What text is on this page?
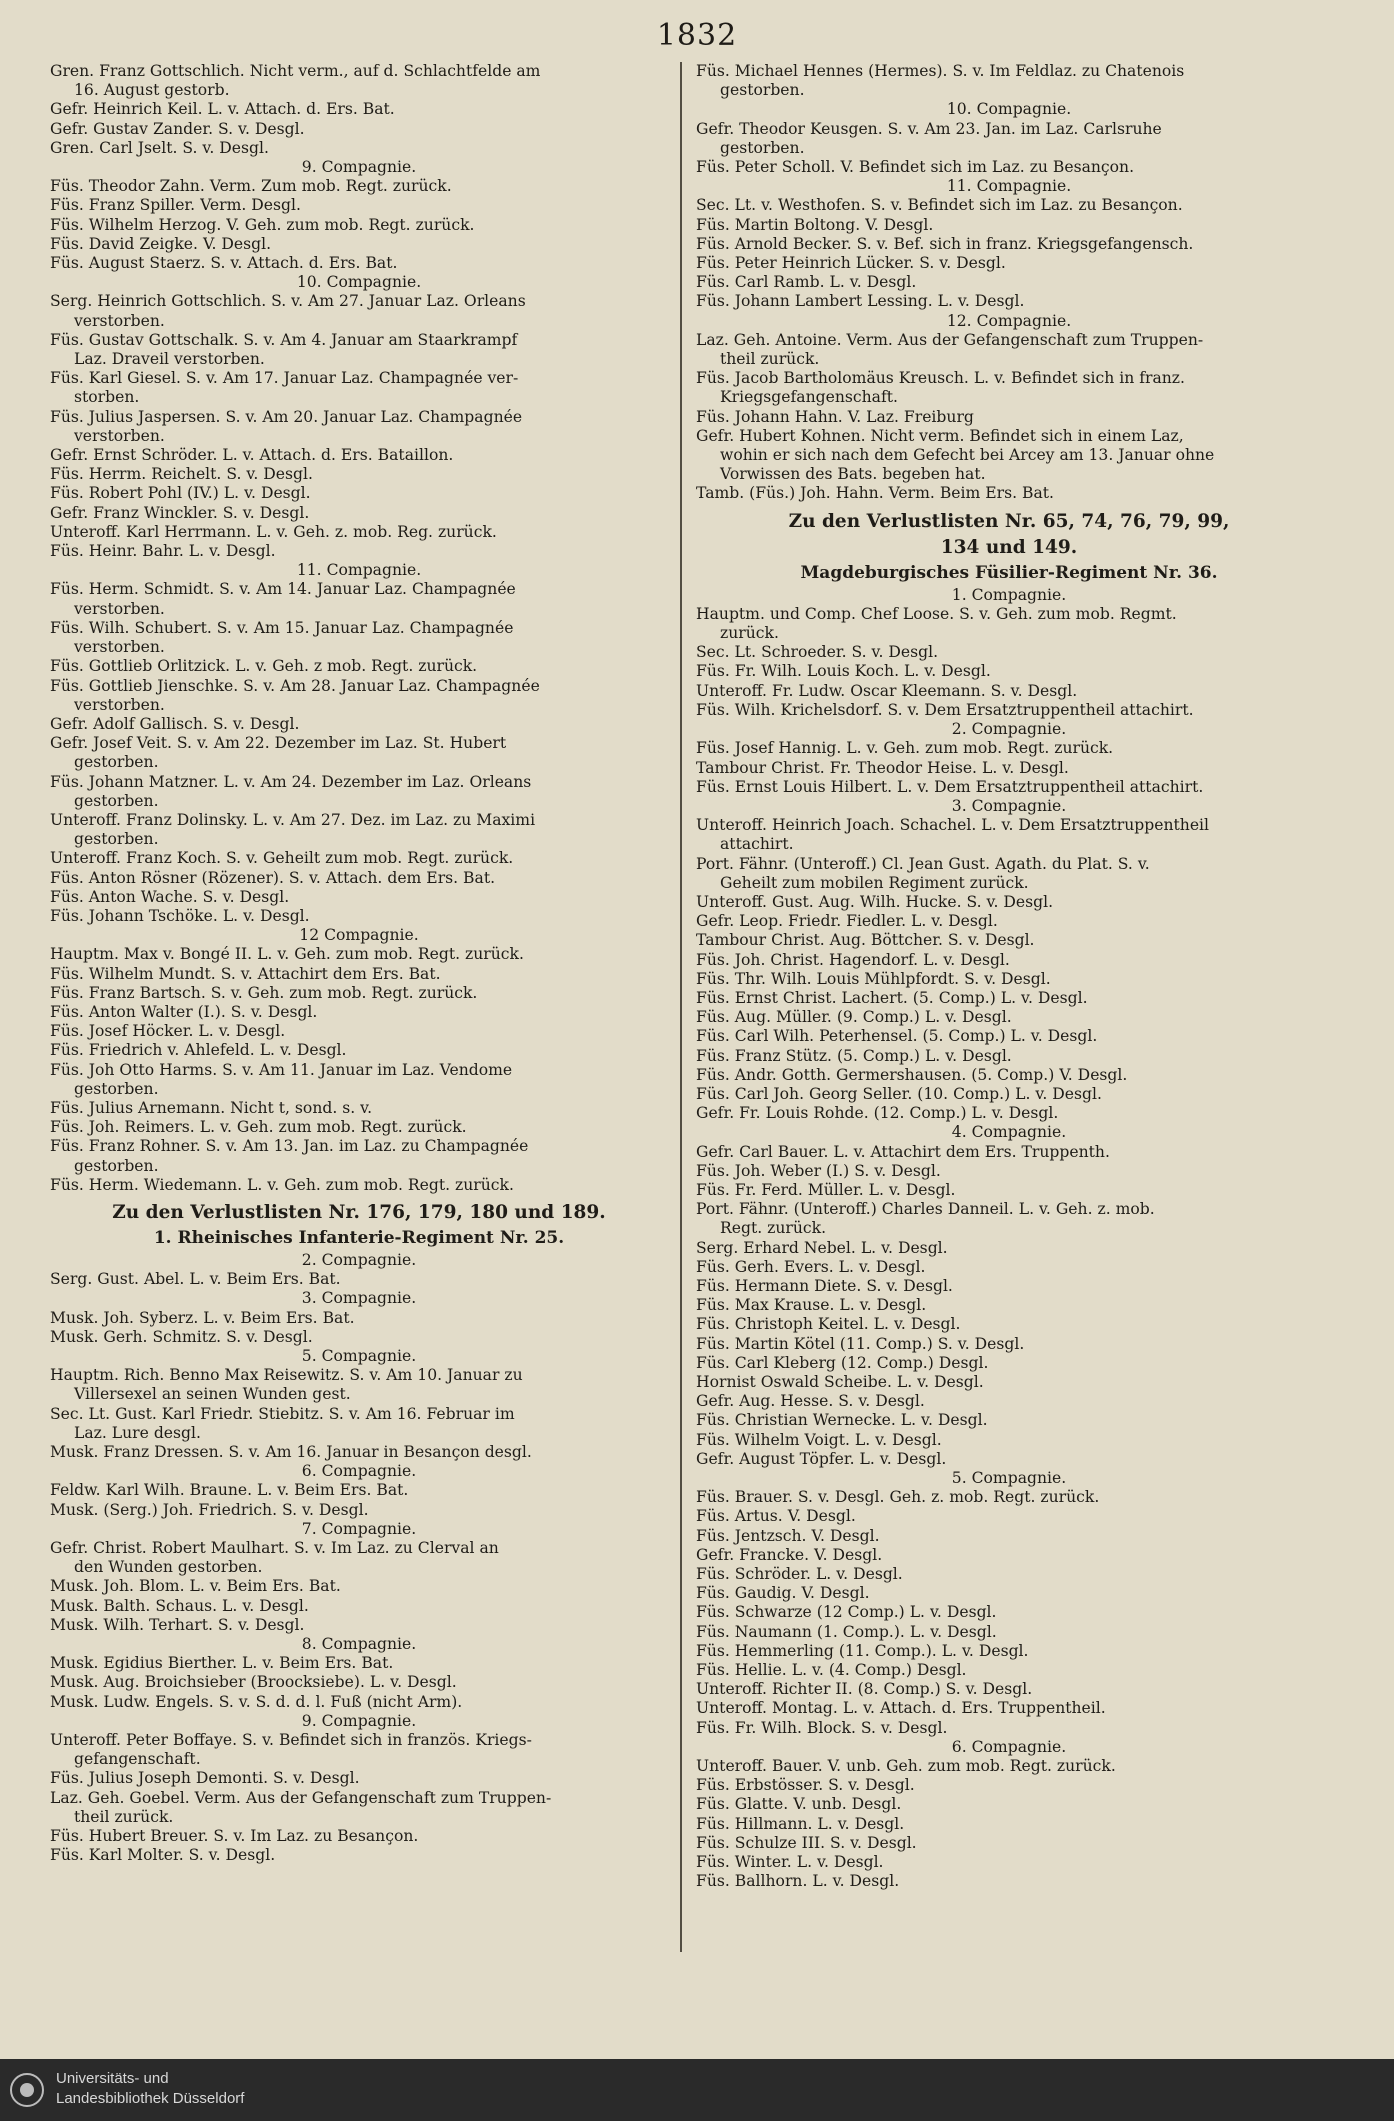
1832
Gren. Franz Gottschlich. Nicht verm., auf d. Schlachtfelde am
16. August gestorb.
Gefr. Heinrich Keil. L. v. Attach. d. Ers. Bat.
Gefr. Gustav Zander. S. v. Desgl.
Gren. Carl Jselt. S. v. Desgl.
9. Compagnie.
Füs. Theodor Zahn. Verm. Zum mob. Regt. zurück.
Füs. Franz Spiller. Verm. Desgl.
Füs. Wilhelm Herzog. V. Geh. zum mob. Regt. zurück.
Füs. David Zeigke. V. Desgl.
Füs. August Staerz. S. v. Attach. d. Ers. Bat.
10. Compagnie.
Serg. Heinrich Gottschlich. S. v. Am 27. Januar Laz. Orleans
verstorben.
Füs. Gustav Gottschalk. S. v. Am 4. Januar am Staarkrampf
Laz. Draveil verstorben.
Füs. Karl Giesel. S. v. Am 17. Januar Laz. Champagnée ver-
storben.
Füs. Julius Jaspersen. S. v. Am 20. Januar Laz. Champagnée
verstorben.
Gefr. Ernst Schröder. L. v. Attach. d. Ers. Bataillon.
Füs. Herrm. Reichelt. S. v. Desgl.
Füs. Robert Pohl (IV.) L. v. Desgl.
Gefr. Franz Winckler. S. v. Desgl.
Unteroff. Karl Herrmann. L. v. Geh. z. mob. Reg. zurück.
Füs. Heinr. Bahr. L. v. Desgl.
11. Compagnie.
Füs. Herm. Schmidt. S. v. Am 14. Januar Laz. Champagnée
verstorben.
Füs. Wilh. Schubert. S. v. Am 15. Januar Laz. Champagnée
verstorben.
Füs. Gottlieb Orlitzick. L. v. Geh. z mob. Regt. zurück.
Füs. Gottlieb Jienschke. S. v. Am 28. Januar Laz. Champagnée
verstorben.
Gefr. Adolf Gallisch. S. v. Desgl.
Gefr. Josef Veit. S. v. Am 22. Dezember im Laz. St. Hubert
gestorben.
Füs. Johann Matzner. L. v. Am 24. Dezember im Laz. Orleans
gestorben.
Unteroff. Franz Dolinsky. L. v. Am 27. Dez. im Laz. zu Maximi
gestorben.
Unteroff. Franz Koch. S. v. Geheilt zum mob. Regt. zurück.
Füs. Anton Rösner (Rözener). S. v. Attach. dem Ers. Bat.
Füs. Anton Wache. S. v. Desgl.
Füs. Johann Tschöke. L. v. Desgl.
12 Compagnie.
Hauptm. Max v. Bongé II. L. v. Geh. zum mob. Regt. zurück.
Füs. Wilhelm Mundt. S. v. Attachirt dem Ers. Bat.
Füs. Franz Bartsch. S. v. Geh. zum mob. Regt. zurück.
Füs. Anton Walter (I.). S. v. Desgl.
Füs. Josef Höcker. L. v. Desgl.
Füs. Friedrich v. Ahlefeld. L. v. Desgl.
Füs. Joh Otto Harms. S. v. Am 11. Januar im Laz. Vendome
gestorben.
Füs. Julius Arnemann. Nicht t, sond. s. v.
Füs. Joh. Reimers. L. v. Geh. zum mob. Regt. zurück.
Füs. Franz Rohner. S. v. Am 13. Jan. im Laz. zu Champagnée
gestorben.
Füs. Herm. Wiedemann. L. v. Geh. zum mob. Regt. zurück.
Zu den Verlustlisten Nr. 176, 179, 180 und 189.
1. Rheinisches Infanterie-Regiment Nr. 25.
2. Compagnie.
Serg. Gust. Abel. L. v. Beim Ers. Bat.
3. Compagnie.
Musk. Joh. Syberz. L. v. Beim Ers. Bat.
Musk. Gerh. Schmitz. S. v. Desgl.
5. Compagnie.
Hauptm. Rich. Benno Max Reisewitz. S. v. Am 10. Januar zu
Villersexel an seinen Wunden gest.
Sec. Lt. Gust. Karl Friedr. Stiebitz. S. v. Am 16. Februar im
Laz. Lure desgl.
Musk. Franz Dressen. S. v. Am 16. Januar in Besançon desgl.
6. Compagnie.
Feldw. Karl Wilh. Braune. L. v. Beim Ers. Bat.
Musk. (Serg.) Joh. Friedrich. S. v. Desgl.
7. Compagnie.
Gefr. Christ. Robert Maulhart. S. v. Im Laz. zu Clerval an
den Wunden gestorben.
Musk. Joh. Blom. L. v. Beim Ers. Bat.
Musk. Balth. Schaus. L. v. Desgl.
Musk. Wilh. Terhart. S. v. Desgl.
8. Compagnie.
Musk. Egidius Bierther. L. v. Beim Ers. Bat.
Musk. Aug. Broichsieber (Broocksiebe). L. v. Desgl.
Musk. Ludw. Engels. S. v. S. d. d. l. Fuß (nicht Arm).
9. Compagnie.
Unteroff. Peter Boffaye. S. v. Befindet sich in französ. Kriegs-
gefangenschaft.
Füs. Julius Joseph Demonti. S. v. Desgl.
Laz. Geh. Goebel. Verm. Aus der Gefangenschaft zum Truppen-
theil zurück.
Füs. Hubert Breuer. S. v. Im Laz. zu Besançon.
Füs. Karl Molter. S. v. Desgl.
Füs. Michael Hennes (Hermes). S. v. Im Feldlaz. zu Chatenois
gestorben.
10. Compagnie.
Gefr. Theodor Keusgen. S. v. Am 23. Jan. im Laz. Carlsruhe
gestorben.
Füs. Peter Scholl. V. Befindet sich im Laz. zu Besançon.
11. Compagnie.
Sec. Lt. v. Westhofen. S. v. Befindet sich im Laz. zu Besançon.
Füs. Martin Boltong. V. Desgl.
Füs. Arnold Becker. S. v. Bef. sich in franz. Kriegsgefangensch.
Füs. Peter Heinrich Lücker. S. v. Desgl.
Füs. Carl Ramb. L. v. Desgl.
Füs. Johann Lambert Lessing. L. v. Desgl.
12. Compagnie.
Laz. Geh. Antoine. Verm. Aus der Gefangenschaft zum Truppen-
theil zurück.
Füs. Jacob Bartholomäus Kreusch. L. v. Befindet sich in franz.
Kriegsgefangenschaft.
Füs. Johann Hahn. V. Laz. Freiburg
Gefr. Hubert Kohnen. Nicht verm. Befindet sich in einem Laz,
wohin er sich nach dem Gefecht bei Arcey am 13. Januar ohne
Vorwissen des Bats. begeben hat.
Tamb. (Füs.) Joh. Hahn. Verm. Beim Ers. Bat.
Zu den Verlustlisten Nr. 65, 74, 76, 79, 99,
134 und 149.
Magdeburgisches Füsilier-Regiment Nr. 36.
1. Compagnie.
Hauptm. und Comp. Chef Loose. S. v. Geh. zum mob. Regmt.
zurück.
Sec. Lt. Schroeder. S. v. Desgl.
Füs. Fr. Wilh. Louis Koch. L. v. Desgl.
Unteroff. Fr. Ludw. Oscar Kleemann. S. v. Desgl.
Füs. Wilh. Krichelsdorf. S. v. Dem Ersatztruppentheil attachirt.
2. Compagnie.
Füs. Josef Hannig. L. v. Geh. zum mob. Regt. zurück.
Tambour Christ. Fr. Theodor Heise. L. v. Desgl.
Füs. Ernst Louis Hilbert. L. v. Dem Ersatztruppentheil attachirt.
3. Compagnie.
Unteroff. Heinrich Joach. Schachel. L. v. Dem Ersatztruppentheil
attachirt.
Port. Fähnr. (Unteroff.) Cl. Jean Gust. Agath. du Plat. S. v.
Geheilt zum mobilen Regiment zurück.
Unteroff. Gust. Aug. Wilh. Hucke. S. v. Desgl.
Gefr. Leop. Friedr. Fiedler. L. v. Desgl.
Tambour Christ. Aug. Böttcher. S. v. Desgl.
Füs. Joh. Christ. Hagendorf. L. v. Desgl.
Füs. Thr. Wilh. Louis Mühlpfordt. S. v. Desgl.
Füs. Ernst Christ. Lachert. (5. Comp.) L. v. Desgl.
Füs. Aug. Müller. (9. Comp.) L. v. Desgl.
Füs. Carl Wilh. Peterhensel. (5. Comp.) L. v. Desgl.
Füs. Franz Stütz. (5. Comp.) L. v. Desgl.
Füs. Andr. Gotth. Germershausen. (5. Comp.) V. Desgl.
Füs. Carl Joh. Georg Seller. (10. Comp.) L. v. Desgl.
Gefr. Fr. Louis Rohde. (12. Comp.) L. v. Desgl.
4. Compagnie.
Gefr. Carl Bauer. L. v. Attachirt dem Ers. Truppenth.
Füs. Joh. Weber (I.) S. v. Desgl.
Füs. Fr. Ferd. Müller. L. v. Desgl.
Port. Fähnr. (Unteroff.) Charles Danneil. L. v. Geh. z. mob.
Regt. zurück.
Serg. Erhard Nebel. L. v. Desgl.
Füs. Gerh. Evers. L. v. Desgl.
Füs. Hermann Diete. S. v. Desgl.
Füs. Max Krause. L. v. Desgl.
Füs. Christoph Keitel. L. v. Desgl.
Füs. Martin Kötel (11. Comp.) S. v. Desgl.
Füs. Carl Kleberg (12. Comp.) Desgl.
Hornist Oswald Scheibe. L. v. Desgl.
Gefr. Aug. Hesse. S. v. Desgl.
Füs. Christian Wernecke. L. v. Desgl.
Füs. Wilhelm Voigt. L. v. Desgl.
Gefr. August Töpfer. L. v. Desgl.
5. Compagnie.
Füs. Brauer. S. v. Desgl. Geh. z. mob. Regt. zurück.
Füs. Artus. V. Desgl.
Füs. Jentzsch. V. Desgl.
Gefr. Francke. V. Desgl.
Füs. Schröder. L. v. Desgl.
Füs. Gaudig. V. Desgl.
Füs. Schwarze (12 Comp.) L. v. Desgl.
Füs. Naumann (1. Comp.). L. v. Desgl.
Füs. Hemmerling (11. Comp.). L. v. Desgl.
Füs. Hellie. L. v. (4. Comp.) Desgl.
Unteroff. Richter II. (8. Comp.) S. v. Desgl.
Unteroff. Montag. L. v. Attach. d. Ers. Truppentheil.
Füs. Fr. Wilh. Block. S. v. Desgl.
6. Compagnie.
Unteroff. Bauer. V. unb. Geh. zum mob. Regt. zurück.
Füs. Erbstösser. S. v. Desgl.
Füs. Glatte. V. unb. Desgl.
Füs. Hillmann. L. v. Desgl.
Füs. Schulze III. S. v. Desgl.
Füs. Winter. L. v. Desgl.
Füs. Ballhorn. L. v. Desgl.
Universitäts- und
Landesbibliothek Düsseldorf
